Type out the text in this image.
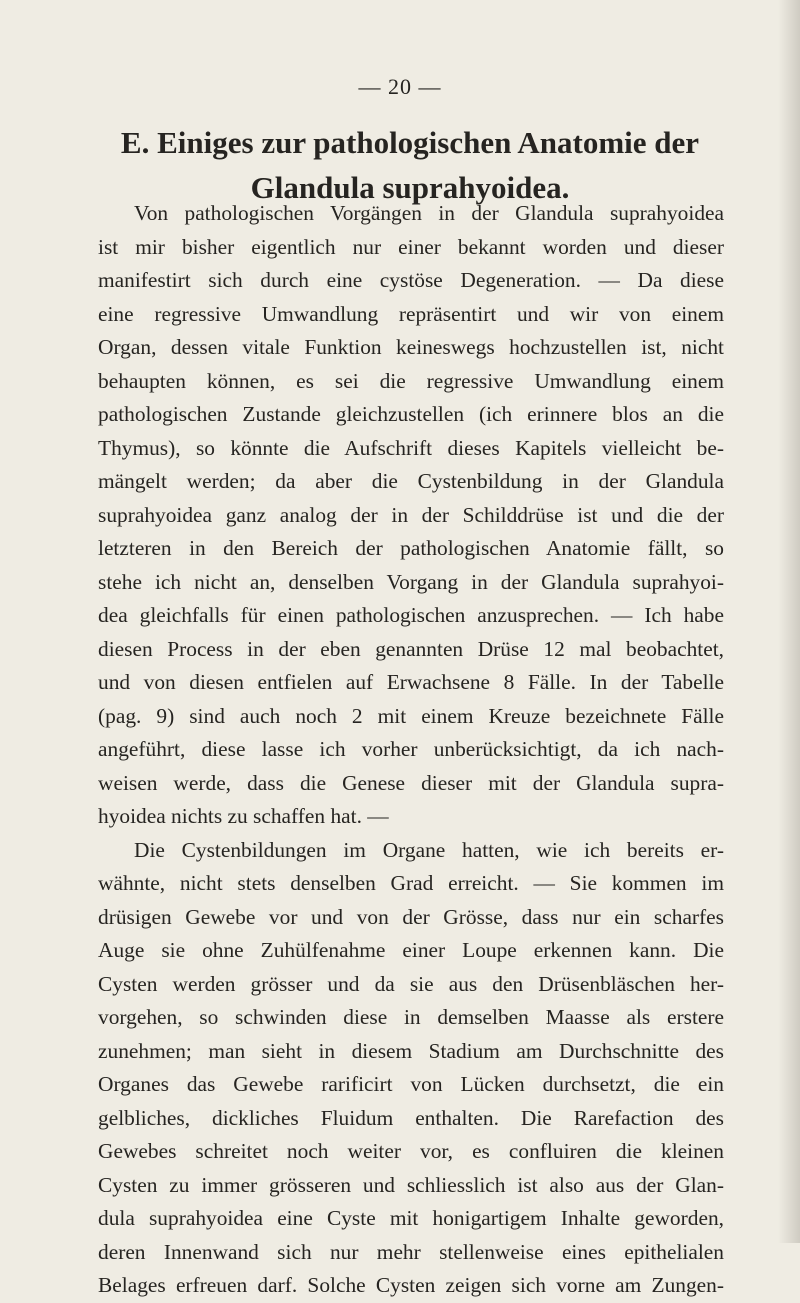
— 20 —
E. Einiges zur pathologischen Anatomie der
Glandula suprahyoidea.
Von pathologischen Vorgängen in der Glandula suprahyoidea
ist mir bisher eigentlich nur einer bekannt worden und dieser
manifestirt sich durch eine cystöse Degeneration. — Da diese
eine regressive Umwandlung repräsentirt und wir von einem
Organ, dessen vitale Funktion keineswegs hochzustellen ist, nicht
behaupten können, es sei die regressive Umwandlung einem
pathologischen Zustande gleichzustellen (ich erinnere blos an die
Thymus), so könnte die Aufschrift dieses Kapitels vielleicht be-
mängelt werden; da aber die Cystenbildung in der Glandula
suprahyoidea ganz analog der in der Schilddrüse ist und die der
letzteren in den Bereich der pathologischen Anatomie fällt, so
stehe ich nicht an, denselben Vorgang in der Glandula suprahyoi-
dea gleichfalls für einen pathologischen anzusprechen. — Ich habe
diesen Process in der eben genannten Drüse 12 mal beobachtet,
und von diesen entfielen auf Erwachsene 8 Fälle. In der Tabelle
(pag. 9) sind auch noch 2 mit einem Kreuze bezeichnete Fälle
angeführt, diese lasse ich vorher unberücksichtigt, da ich nach-
weisen werde, dass die Genese dieser mit der Glandula supra-
hyoidea nichts zu schaffen hat. —
Die Cystenbildungen im Organe hatten, wie ich bereits er-
wähnte, nicht stets denselben Grad erreicht. — Sie kommen im
drüsigen Gewebe vor und von der Grösse, dass nur ein scharfes
Auge sie ohne Zuhülfenahme einer Loupe erkennen kann. Die
Cysten werden grösser und da sie aus den Drüsenbläschen her-
vorgehen, so schwinden diese in demselben Maasse als erstere
zunehmen; man sieht in diesem Stadium am Durchschnitte des
Organes das Gewebe rarificirt von Lücken durchsetzt, die ein
gelbliches, dickliches Fluidum enthalten. Die Rarefaction des
Gewebes schreitet noch weiter vor, es confluiren die kleinen
Cysten zu immer grösseren und schliesslich ist also aus der Glan-
dula suprahyoidea eine Cyste mit honigartigem Inhalte geworden,
deren Innenwand sich nur mehr stellenweise eines epithelialen
Belages erfreuen darf. Solche Cysten zeigen sich vorne am Zungen-
